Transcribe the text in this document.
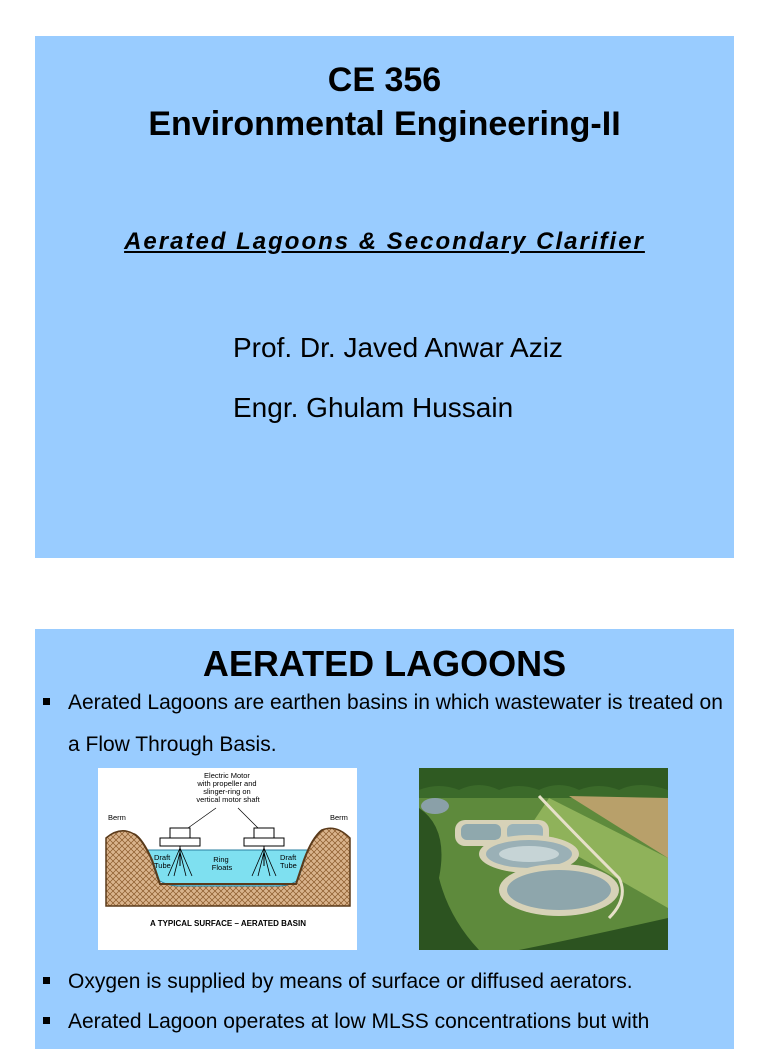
CE 356
Environmental Engineering-II
Aerated Lagoons & Secondary Clarifier
Prof. Dr. Javed Anwar Aziz
Engr. Ghulam Hussain
AERATED LAGOONS
Aerated Lagoons are earthen basins in which wastewater is treated on a Flow Through Basis.
Electric Motor with propeller and slinger-ring on vertical motor shaft
Berm	Berm
Draft Tube
Draft Tube
Ring Floats
A TYPICAL SURFACE – AERATED BASIN
Oxygen is supplied by means of surface or diffused aerators.
Aerated Lagoon operates at low MLSS concentrations but with
